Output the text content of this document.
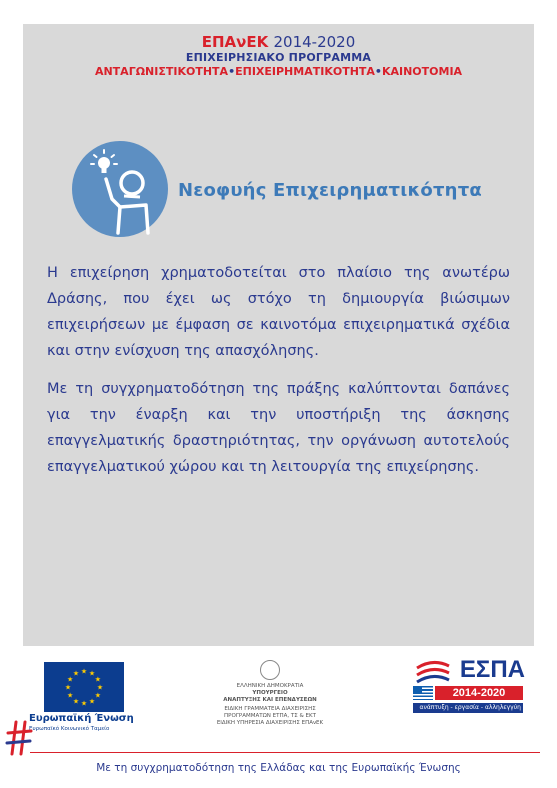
ΕΠΑνΕΚ 2014-2020
ΕΠΙΧΕΙΡΗΣΙΑΚΟ ΠΡΟΓΡΑΜΜΑ
ΑΝΤΑΓΩΝΙΣΤΙΚΟΤΗΤΑ•ΕΠΙΧΕΙΡΗΜΑΤΙΚΟΤΗΤΑ•ΚΑΙΝΟΤΟΜΙΑ
Νεοφυής Επιχειρηματικότητα

Η επιχείρηση χρηματοδοτείται στο πλαίσιο της ανωτέρω Δράσης, που έχει ως στόχο τη δημιουργία βιώσιμων επιχειρήσεων με έμφαση σε καινοτόμα επιχειρηματικά σχέδια και στην ενίσχυση της απασχόλησης.

Με τη συγχρηματοδότηση της πράξης καλύπτονται δαπάνες για την έναρξη και την υποστήριξη της άσκησης επαγγελματικής δραστηριότητας, την οργάνωση αυτοτελούς επαγγελματικού χώρου και τη λειτουργία της επιχείρησης.

★
★
★
★
★
★
★
★
★ ★ ★
★
Ευρωπαϊκή Ένωση
Ευρωπαϊκό Κοινωνικό Ταμείο
ΕΛΛΗΝΙΚΗ ΔΗΜΟΚΡΑΤΙΑ
ΥΠΟΥΡΓΕΙΟ
ΑΝΑΠΤΥΞΗΣ ΚΑΙ ΕΠΕΝΔΥΣΕΩΝ
ΕΙΔΙΚΗ ΓΡΑΜΜΑΤΕΙΑ ΔΙΑΧΕΙΡΙΣΗΣ
ΠΡΟΓΡΑΜΜΑΤΩΝ ΕΤΠΑ, ΤΣ & ΕΚΤ
ΕΙΔΙΚΗ ΥΠΗΡΕΣΙΑ ΔΙΑΧΕΙΡΙΣΗΣ ΕΠΑνΕΚ
ΕΣΠΑ
2014-2020
ανάπτυξη - εργασία - αλληλεγγύη
Με τη συγχρηματοδότηση της Ελλάδας και της Ευρωπαϊκής Ένωσης
